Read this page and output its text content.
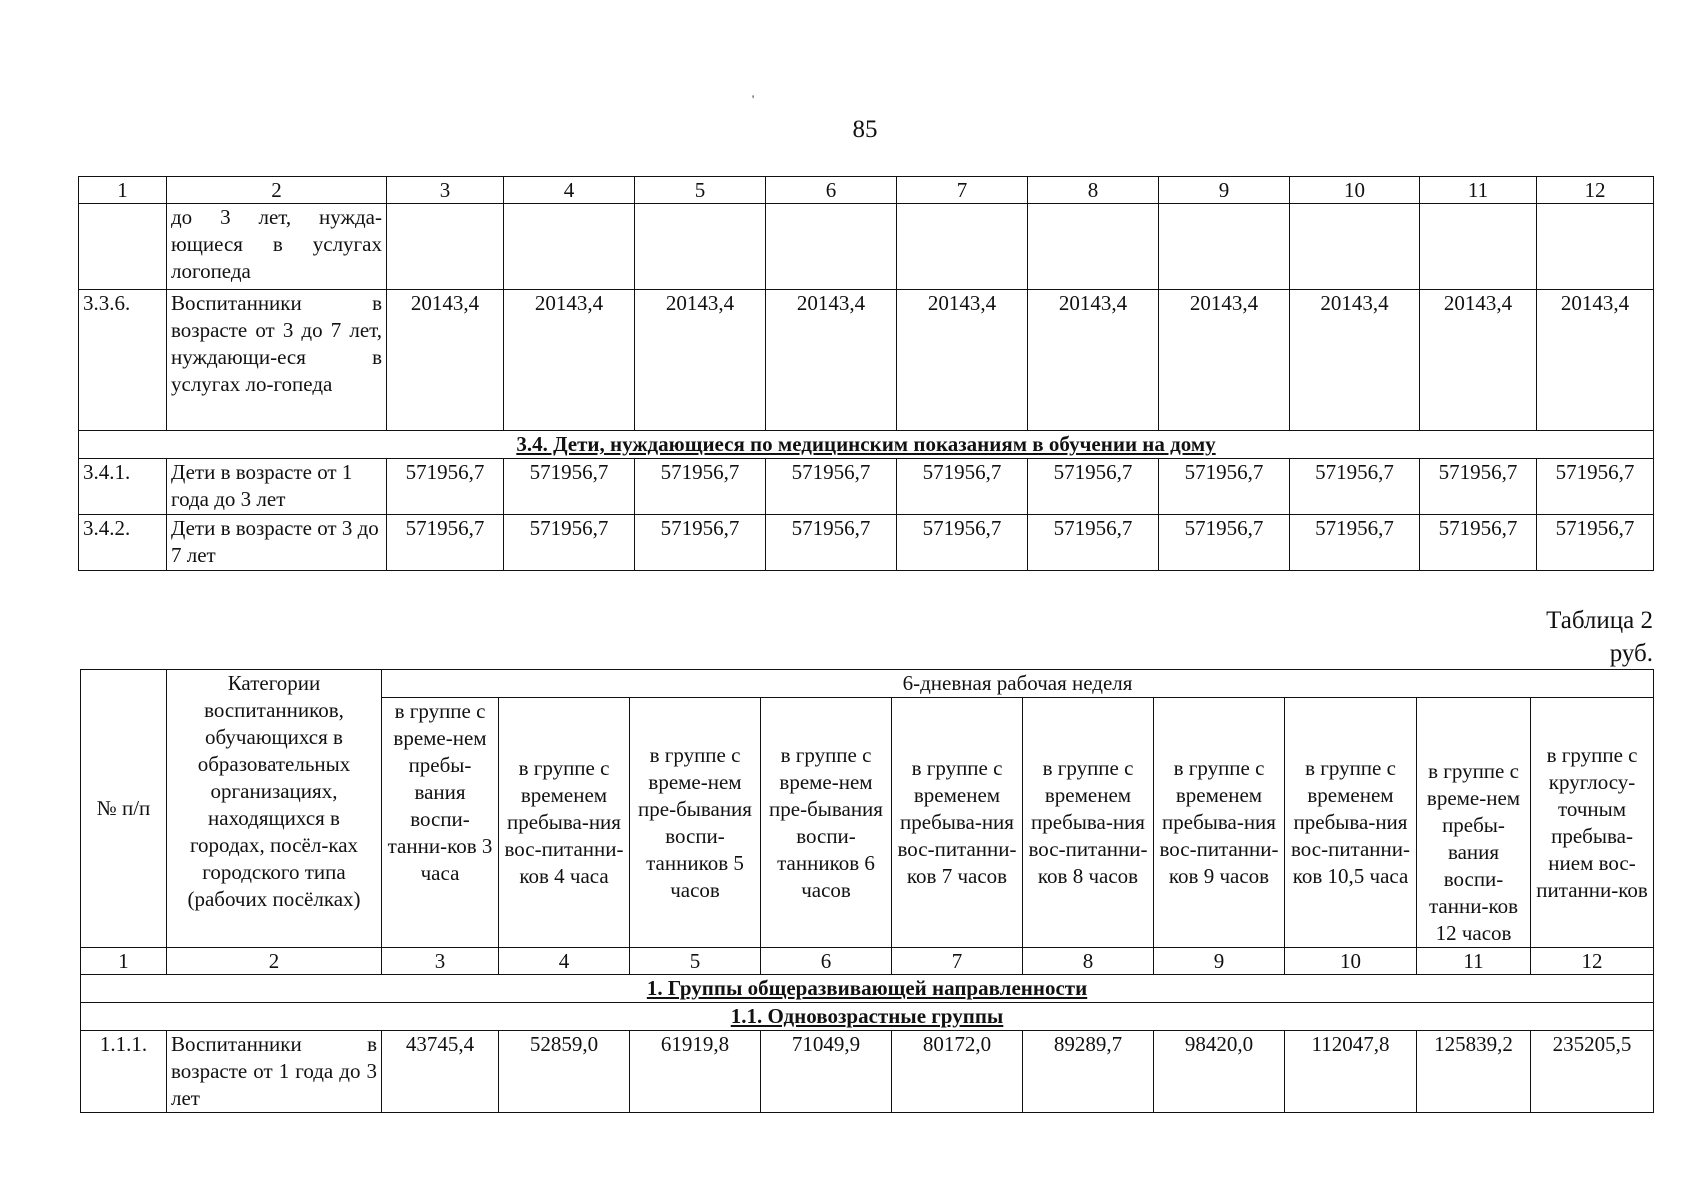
'
85
1	2	3	4	5	6	7	8	9	10	11	12
	до 3 лет, нужда-ющиеся в услугах логопеда										
3.3.6.	Воспитанники в возрасте от 3 до 7 лет, нуждающи-еся в услугах ло-гопеда	20143,4	20143,4	20143,4	20143,4	20143,4	20143,4	20143,4	20143,4	20143,4	20143,4
3.4. Дети, нуждающиеся по медицинским показаниям в обучении на дому											
3.4.1.	Дети в возрасте от 1 года до 3 лет	571956,7	571956,7	571956,7	571956,7	571956,7	571956,7	571956,7	571956,7	571956,7	571956,7
3.4.2.	Дети в возрасте от 3 до 7 лет	571956,7	571956,7	571956,7	571956,7	571956,7	571956,7	571956,7	571956,7	571956,7	571956,7
Таблица 2
руб.
№ п/п	Категории воспитанников, обучающихся в образовательных организациях, находящихся в городах, посёл-ках городского типа (рабочих посёлках)	6-дневная рабочая неделя									
		в группе с време-нем пребы-вания воспи-танни-ков 3 часа	в группе с временем пребыва-ния вос-питанни-ков 4 часа	в группе с време-нем пре-бывания воспи-танников 5 часов	в группе с време-нем пре-бывания воспи-танников 6 часов	в группе с временем пребыва-ния вос-питанни-ков 7 часов	в группе с временем пребыва-ния вос-питанни-ков 8 часов	в группе с временем пребыва-ния вос-питанни-ков 9 часов	в группе с временем пребыва-ния вос-питанни-ков 10,5 часа	в группе с време-нем пребы-вания воспи-танни-ков 12 часов	в группе с круглосу-точным пребыва-нием вос-питанни-ков
1	2	3	4	5	6	7	8	9	10	11	12
1. Группы общеразвивающей направленности											
1.1. Одновозрастные группы											
1.1.1.	Воспитанники в возрасте от 1 года до 3 лет	43745,4	52859,0	61919,8	71049,9	80172,0	89289,7	98420,0	112047,8	125839,2	235205,5
